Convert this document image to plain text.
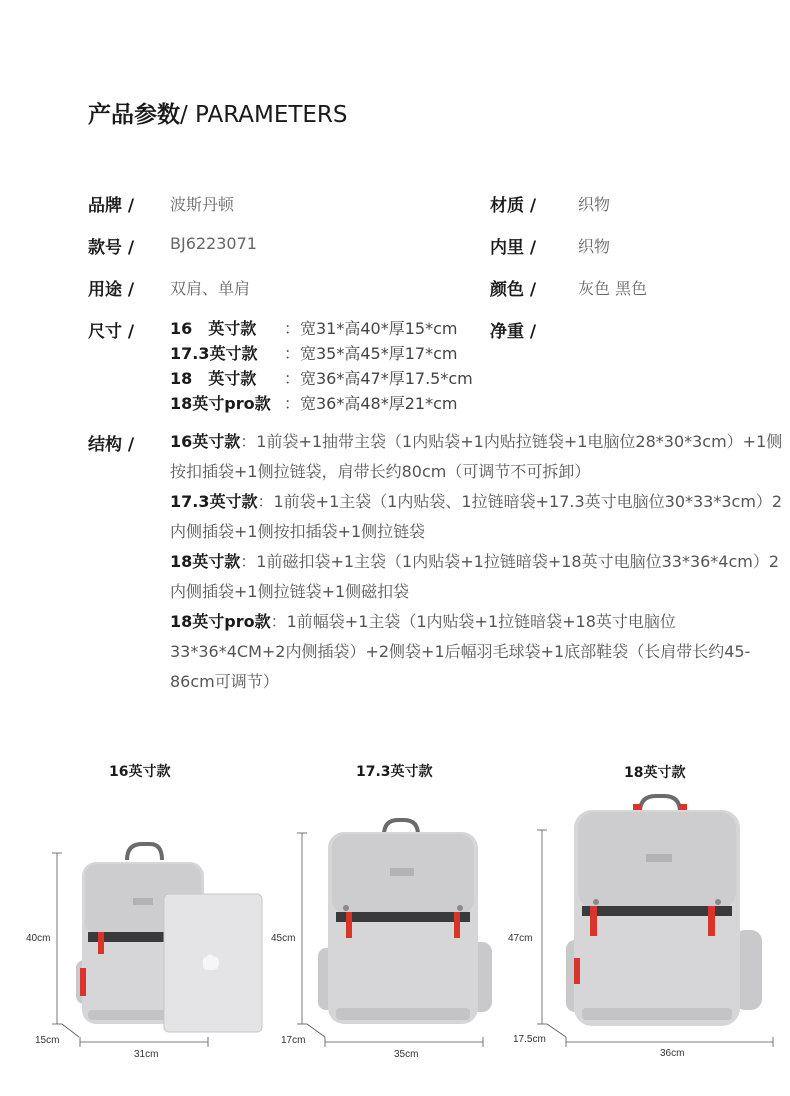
产品参数/ PARAMETERS
品牌 / 波斯丹顿
款号 / BJ6223071
用途 / 双肩、单肩
尺寸 / 16　英寸款 ：宽31*高40*厚15*cm
17.3英寸款 ：宽35*高45*厚17*cm
18　英寸款 ：宽36*高47*厚17.5*cm
18英寸pro款 ：宽36*高48*厚21*cm
材质 /	织物
内里 /	织物
颜色 /	灰色 黑色
净重 /
结构 / 16英寸款：1前袋+1抽带主袋（1内贴袋+1内贴拉链袋+1电脑位28*30*3cm）+1侧按扣插袋+1侧拉链袋，肩带长约80cm（可调节不可拆卸）
17.3英寸款：1前袋+1主袋（1内贴袋、1拉链暗袋+17.3英寸电脑位30*33*3cm）2内侧插袋+1侧按扣插袋+1侧拉链袋
18英寸款：1前磁扣袋+1主袋（1内贴袋+1拉链暗袋+18英寸电脑位33*36*4cm）2内侧插袋+1侧拉链袋+1侧磁扣袋
18英寸pro款：1前幅袋+1主袋（1内贴袋+1拉链暗袋+18英寸电脑位33*36*4CM+2内侧插袋）+2侧袋+1后幅羽毛球袋+1底部鞋袋（长肩带长约45-86cm可调节）
16英寸款	17.3英寸款	18英寸款
40cm
15cm
31cm
45cm
17cm
35cm
47cm
17.5cm
36cm
